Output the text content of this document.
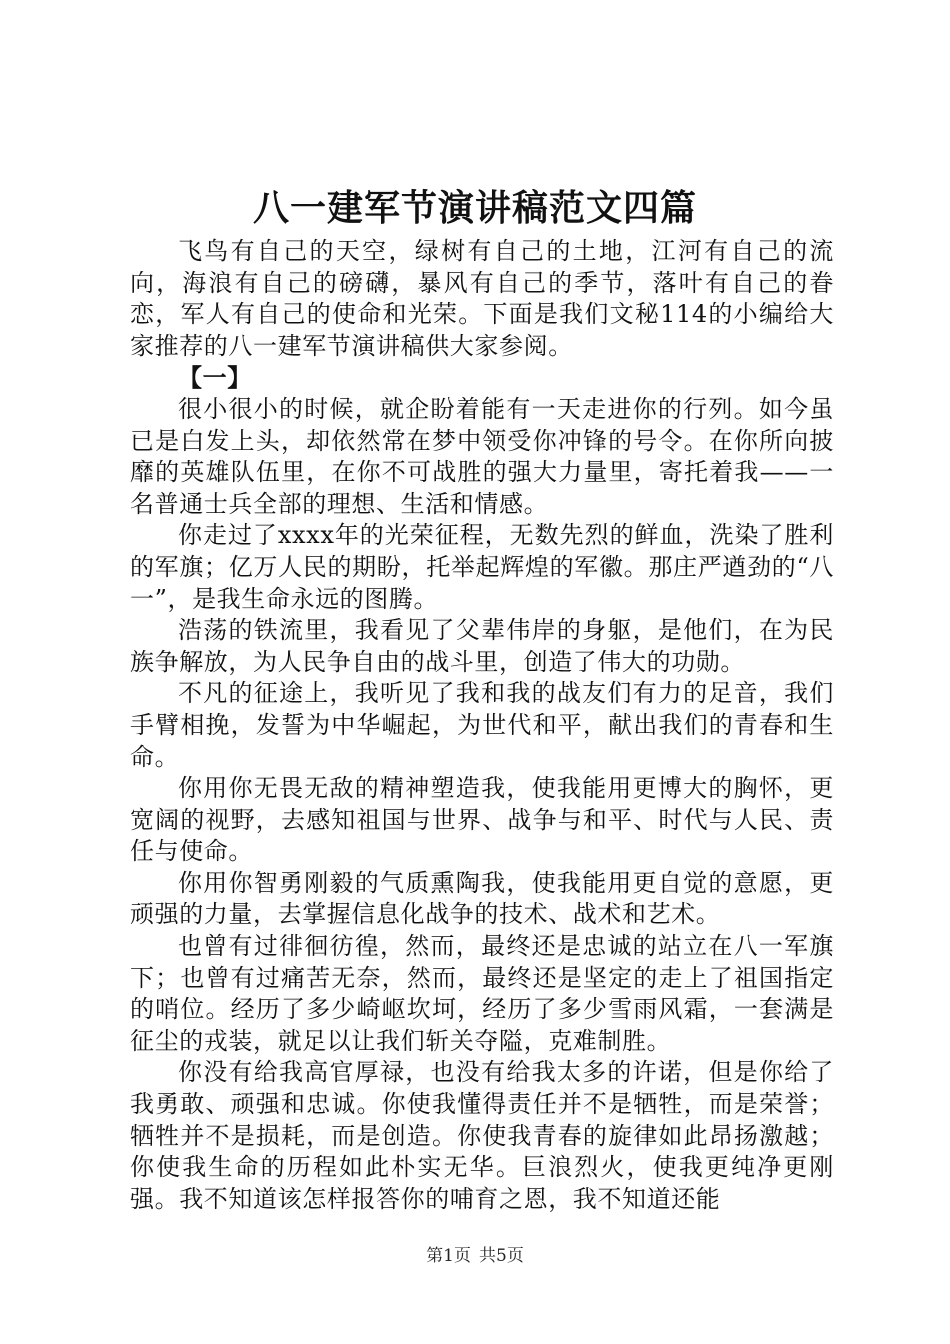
八一建军节演讲稿范文四篇

飞鸟有自己的天空，绿树有自己的土地，江河有自己的流向，海浪有自己的磅礴，暴风有自己的季节，落叶有自己的眷恋，军人有自己的使命和光荣。下面是我们文秘114的小编给大家推荐的八一建军节演讲稿供大家参阅。

【一】

很小很小的时候，就企盼着能有一天走进你的行列。如今虽已是白发上头，却依然常在梦中领受你冲锋的号令。在你所向披靡的英雄队伍里，在你不可战胜的强大力量里，寄托着我——一名普通士兵全部的理想、生活和情感。

你走过了xxxx年的光荣征程，无数先烈的鲜血，洗染了胜利的军旗；亿万人民的期盼，托举起辉煌的军徽。那庄严遒劲的“八一”，是我生命永远的图腾。

浩荡的铁流里，我看见了父辈伟岸的身躯，是他们，在为民族争解放，为人民争自由的战斗里，创造了伟大的功勋。

不凡的征途上，我听见了我和我的战友们有力的足音，我们手臂相挽，发誓为中华崛起，为世代和平，献出我们的青春和生命。

你用你无畏无敌的精神塑造我，使我能用更博大的胸怀，更宽阔的视野，去感知祖国与世界、战争与和平、时代与人民、责任与使命。

你用你智勇刚毅的气质熏陶我，使我能用更自觉的意愿，更顽强的力量，去掌握信息化战争的技术、战术和艺术。

也曾有过徘徊彷徨，然而，最终还是忠诚的站立在八一军旗下；也曾有过痛苦无奈，然而，最终还是坚定的走上了祖国指定的哨位。经历了多少崎岖坎坷，经历了多少雪雨风霜，一套满是征尘的戎装，就足以让我们斩关夺隘，克难制胜。

你没有给我高官厚禄，也没有给我太多的许诺，但是你给了我勇敢、顽强和忠诚。你使我懂得责任并不是牺牲，而是荣誉；牺牲并不是损耗，而是创造。你使我青春的旋律如此昂扬激越；你使我生命的历程如此朴实无华。巨浪烈火，使我更纯净更刚强。我不知道该怎样报答你的哺育之恩，我不知道还能

第1页 共5页
